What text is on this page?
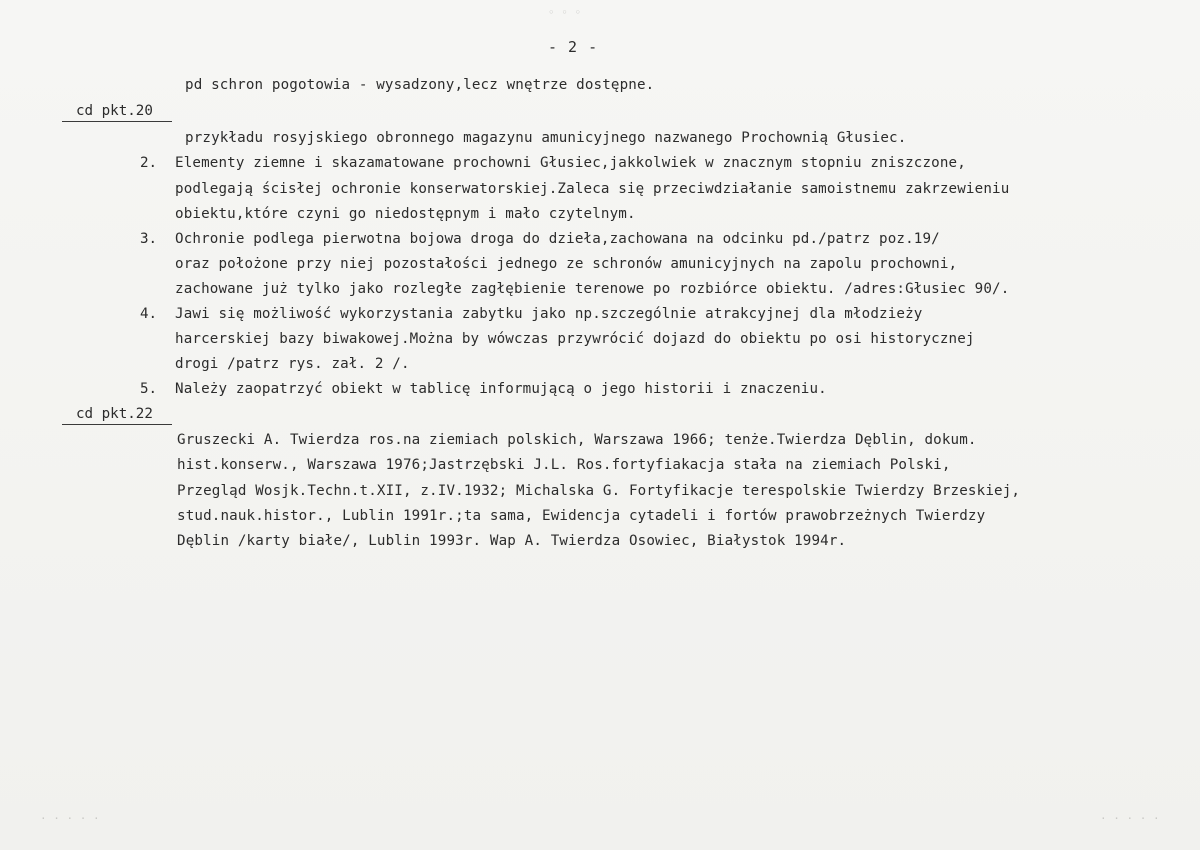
◦ ◦ ◦
- 2 -
pd schron pogotowia - wysadzony,lecz wnętrze dostępne.
cd pkt.20
przykładu rosyjskiego obronnego magazynu amunicyjnego nazwanego Prochownią Głusiec.
2. Elementy ziemne i skazamatowane prochowni Głusiec,jakkolwiek w znacznym stopniu zniszczone,
podlegają ścisłej ochronie konserwatorskiej.Zaleca się przeciwdziałanie samoistnemu zakrzewieniu
obiektu,które czyni go niedostępnym i mało czytelnym.
3. Ochronie podlega pierwotna bojowa droga do dzieła,zachowana na odcinku pd./patrz poz.19/
oraz położone przy niej pozostałości jednego ze schronów amunicyjnych na zapolu prochowni,
zachowane już tylko jako rozległe zagłębienie terenowe po rozbiórce obiektu. /adres:Głusiec 90/.
4. Jawi się możliwość wykorzystania zabytku jako np.szczególnie atrakcyjnej dla młodzieży
harcerskiej bazy biwakowej.Można by wówczas przywrócić dojazd do obiektu po osi historycznej
drogi /patrz rys. zał. 2 /.
5. Należy zaopatrzyć obiekt w tablicę informującą o jego historii i znaczeniu.
cd pkt.22
Gruszecki A. Twierdza ros.na ziemiach polskich, Warszawa 1966; tenże.Twierdza Dęblin, dokum.
hist.konserw., Warszawa 1976;Jastrzębski J.L. Ros.fortyfiakacja stała na ziemiach Polski,
Przegląd Wosjk.Techn.t.XII, z.IV.1932; Michalska G. Fortyfikacje terespolskie Twierdzy Brzeskiej,
stud.nauk.histor., Lublin 1991r.;ta sama, Ewidencja cytadeli i fortów prawobrzeżnych Twierdzy
Dęblin /karty białe/, Lublin 1993r. Wap A. Twierdza Osowiec, Białystok 1994r.
· · · · ·	· · · · ·
